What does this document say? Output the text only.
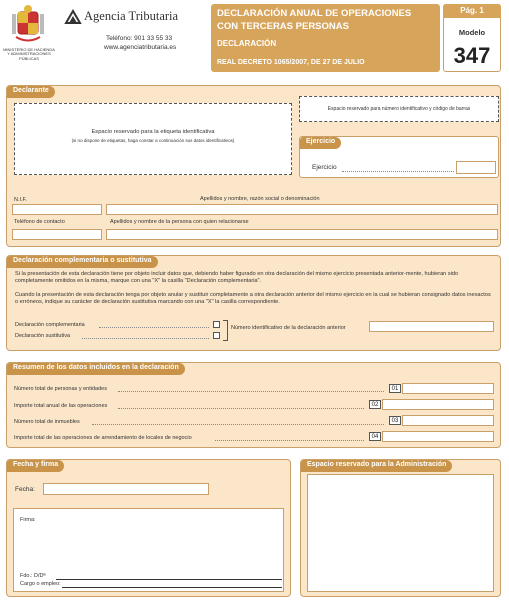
MINISTERIO DE HACIENDA
Y ADMINISTRACIONES
PÚBLICAS
Agencia Tributaria
Teléfono: 901 33 55 33
www.agenciatributaria.es
DECLARACIÓN ANUAL DE OPERACIONES
CON TERCERAS PERSONAS
DECLARACIÓN
REAL DECRETO 1065/2007, DE 27 DE JULIO
Pág. 1
Modelo
347
Declarante
Espacio reservado para la etiqueta identificativa
(si no dispone de etiquetas, haga constar a continuación sus datos identificativos)
Espacio reservado para número identificativo y código de barras
Ejercicio
Ejercicio
N.I.F.	Apellidos y nombre, razón social o denominación
Teléfono de contacto	Apellidos y nombre de la persona con quien relacionarse
Declaración complementaria o sustitutiva
Si la presentación de esta declaración tiene por objeto incluir datos que, debiendo haber figurado en otra declaración del mismo ejercicio presentada anterior-mente, hubieran sido completamente omitidos en la misma, marque con una "X" la casilla "Declaración complementaria".
Cuando la presentación de esta declaración tenga por objeto anular y sustituir completamente a otra declaración anterior del mismo ejercicio en la cual se hubieran consignado datos inexactos o erróneos, indique su carácter de declaración sustitutiva marcando con una "X" la casilla correspondiente.
Declaración complementaria
Declaración sustitutiva
Número identificativo de la declaración anterior
Resumen de los datos incluidos en la declaración
Número total de personas y entidades	01
Importe total anual de las operaciones	02
Número total de inmuebles	03
Importe total de las operaciones de arrendamiento de locales de negocio	04
Fecha y firma
Fecha:
Firma:
Fdo.: D/Dª
Cargo o empleo:
Espacio reservado para la Administración
